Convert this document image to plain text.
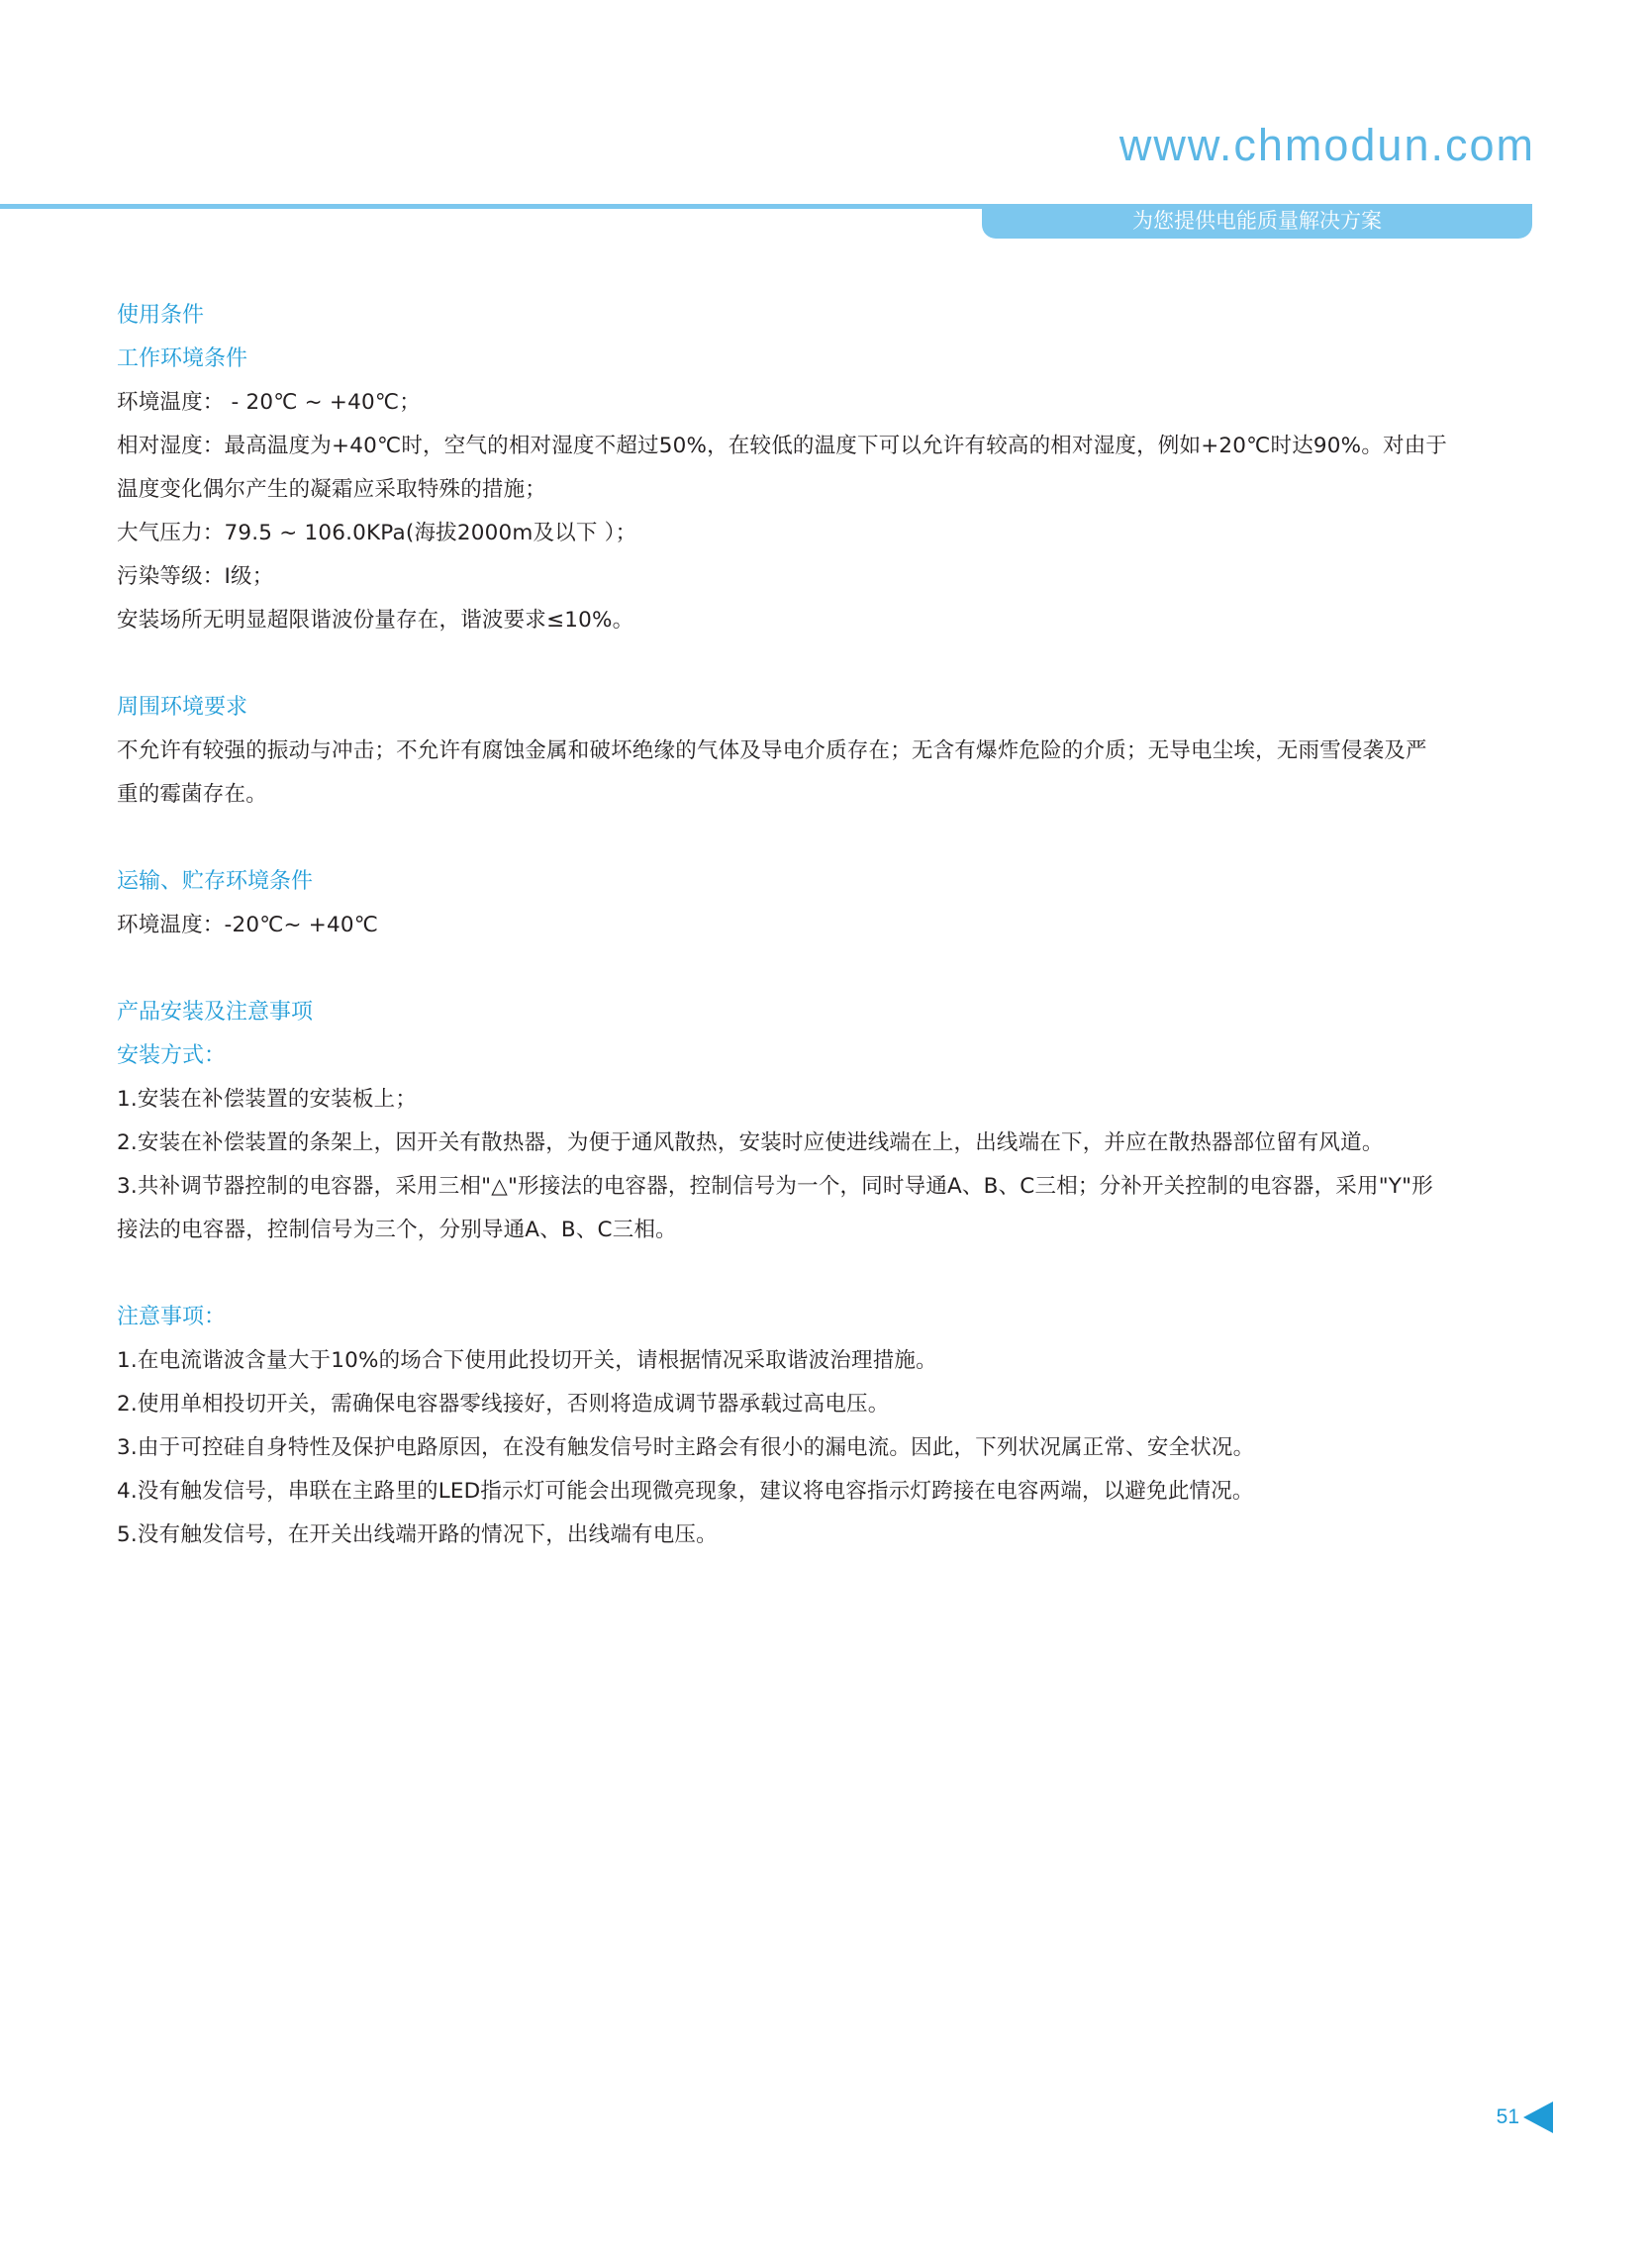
www.chmodun.com
为您提供电能质量解决方案
使用条件
工作环境条件
环境温度： - 20℃ ~ +40℃；
相对湿度：最高温度为+40℃时，空气的相对湿度不超过50%，在较低的温度下可以允许有较高的相对湿度，例如+20℃时达90%。对由于
温度变化偶尔产生的凝霜应采取特殊的措施；
大气压力：79.5 ~ 106.0KPa(海拔2000m及以下 ）；
污染等级：Ⅰ级；
安装场所无明显超限谐波份量存在，谐波要求≤10%。
周围环境要求
不允许有较强的振动与冲击；不允许有腐蚀金属和破坏绝缘的气体及导电介质存在；无含有爆炸危险的介质；无导电尘埃，无雨雪侵袭及严
重的霉菌存在。
运输、贮存环境条件
环境温度：-20℃~ +40℃
产品安装及注意事项
安装方式：
1.安装在补偿装置的安装板上；
2.安装在补偿装置的条架上，因开关有散热器，为便于通风散热，安装时应使进线端在上，出线端在下，并应在散热器部位留有风道。
3.共补调节器控制的电容器，采用三相"△"形接法的电容器，控制信号为一个，同时导通A、B、C三相；分补开关控制的电容器，采用"Y"形
接法的电容器，控制信号为三个，分别导通A、B、C三相。
注意事项：
1.在电流谐波含量大于10%的场合下使用此投切开关，请根据情况采取谐波治理措施。
2.使用单相投切开关，需确保电容器零线接好，否则将造成调节器承载过高电压。
3.由于可控硅自身特性及保护电路原因，在没有触发信号时主路会有很小的漏电流。因此，下列状况属正常、安全状况。
4.没有触发信号，串联在主路里的LED指示灯可能会出现微亮现象，建议将电容指示灯跨接在电容两端，以避免此情况。
5.没有触发信号，在开关出线端开路的情况下，出线端有电压。
51
